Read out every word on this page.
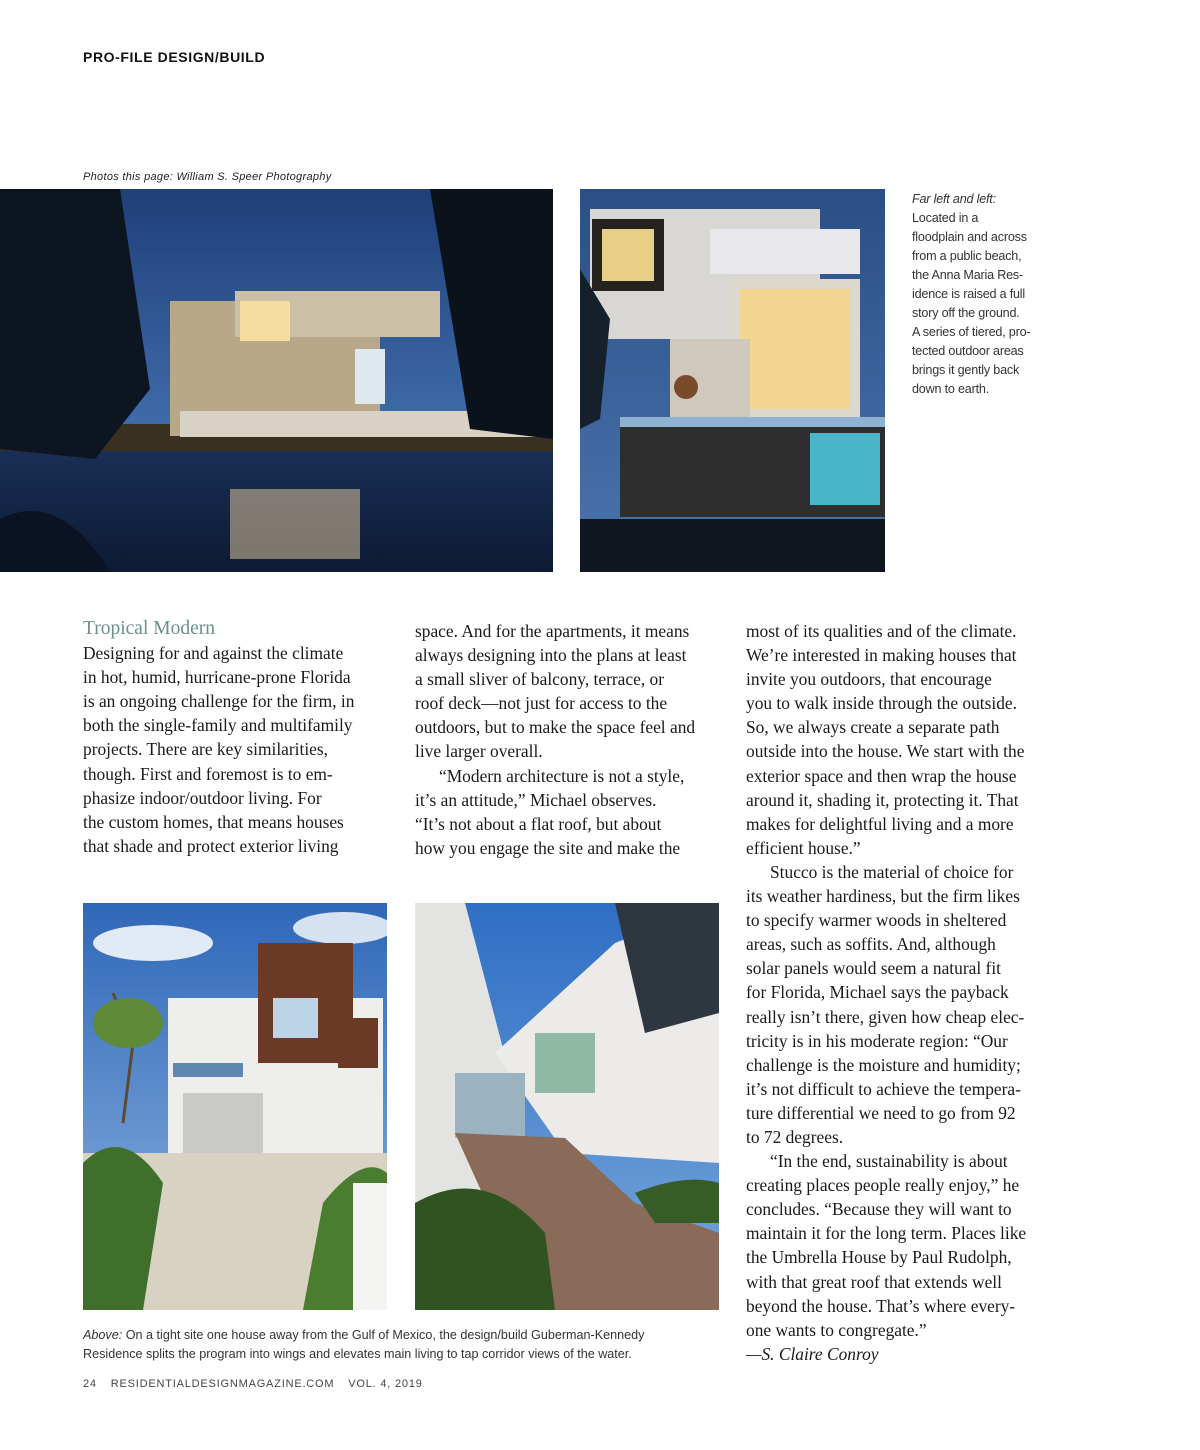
PRO-FILE DESIGN/BUILD
Photos this page: William S. Speer Photography
Far left and left:
Located in a
floodplain and across
from a public beach,
the Anna Maria Res-
idence is raised a full
story off the ground.
A series of tiered, pro-
tected outdoor areas
brings it gently back
down to earth.
Tropical Modern
Designing for and against the climate
in hot, humid, hurricane-prone Florida
is an ongoing challenge for the firm, in
both the single-family and multifamily
projects. There are key similarities,
though. First and foremost is to em-
phasize indoor/outdoor living. For
the custom homes, that means houses
that shade and protect exterior living
space. And for the apartments, it means
always designing into the plans at least
a small sliver of balcony, terrace, or
roof deck—not just for access to the
outdoors, but to make the space feel and
live larger overall.
“Modern architecture is not a style,
it’s an attitude,” Michael observes.
“It’s not about a flat roof, but about
how you engage the site and make the
most of its qualities and of the climate.
We’re interested in making houses that
invite you outdoors, that encourage
you to walk inside through the outside.
So, we always create a separate path
outside into the house. We start with the
exterior space and then wrap the house
around it, shading it, protecting it. That
makes for delightful living and a more
efficient house.”
Stucco is the material of choice for
its weather hardiness, but the firm likes
to specify warmer woods in sheltered
areas, such as soffits. And, although
solar panels would seem a natural fit
for Florida, Michael says the payback
really isn’t there, given how cheap elec-
tricity is in his moderate region: “Our
challenge is the moisture and humidity;
it’s not difficult to achieve the tempera-
ture differential we need to go from 92
to 72 degrees.
“In the end, sustainability is about
creating places people really enjoy,” he
concludes. “Because they will want to
maintain it for the long term. Places like
the Umbrella House by Paul Rudolph,
with that great roof that extends well
beyond the house. That’s where every-
one wants to congregate.”
—S. Claire Conroy
Above: On a tight site one house away from the Gulf of Mexico, the design/build Guberman-Kennedy
Residence splits the program into wings and elevates main living to tap corridor views of the water.
24 RESIDENTIALDESIGNMAGAZINE.COM VOL. 4, 2019
